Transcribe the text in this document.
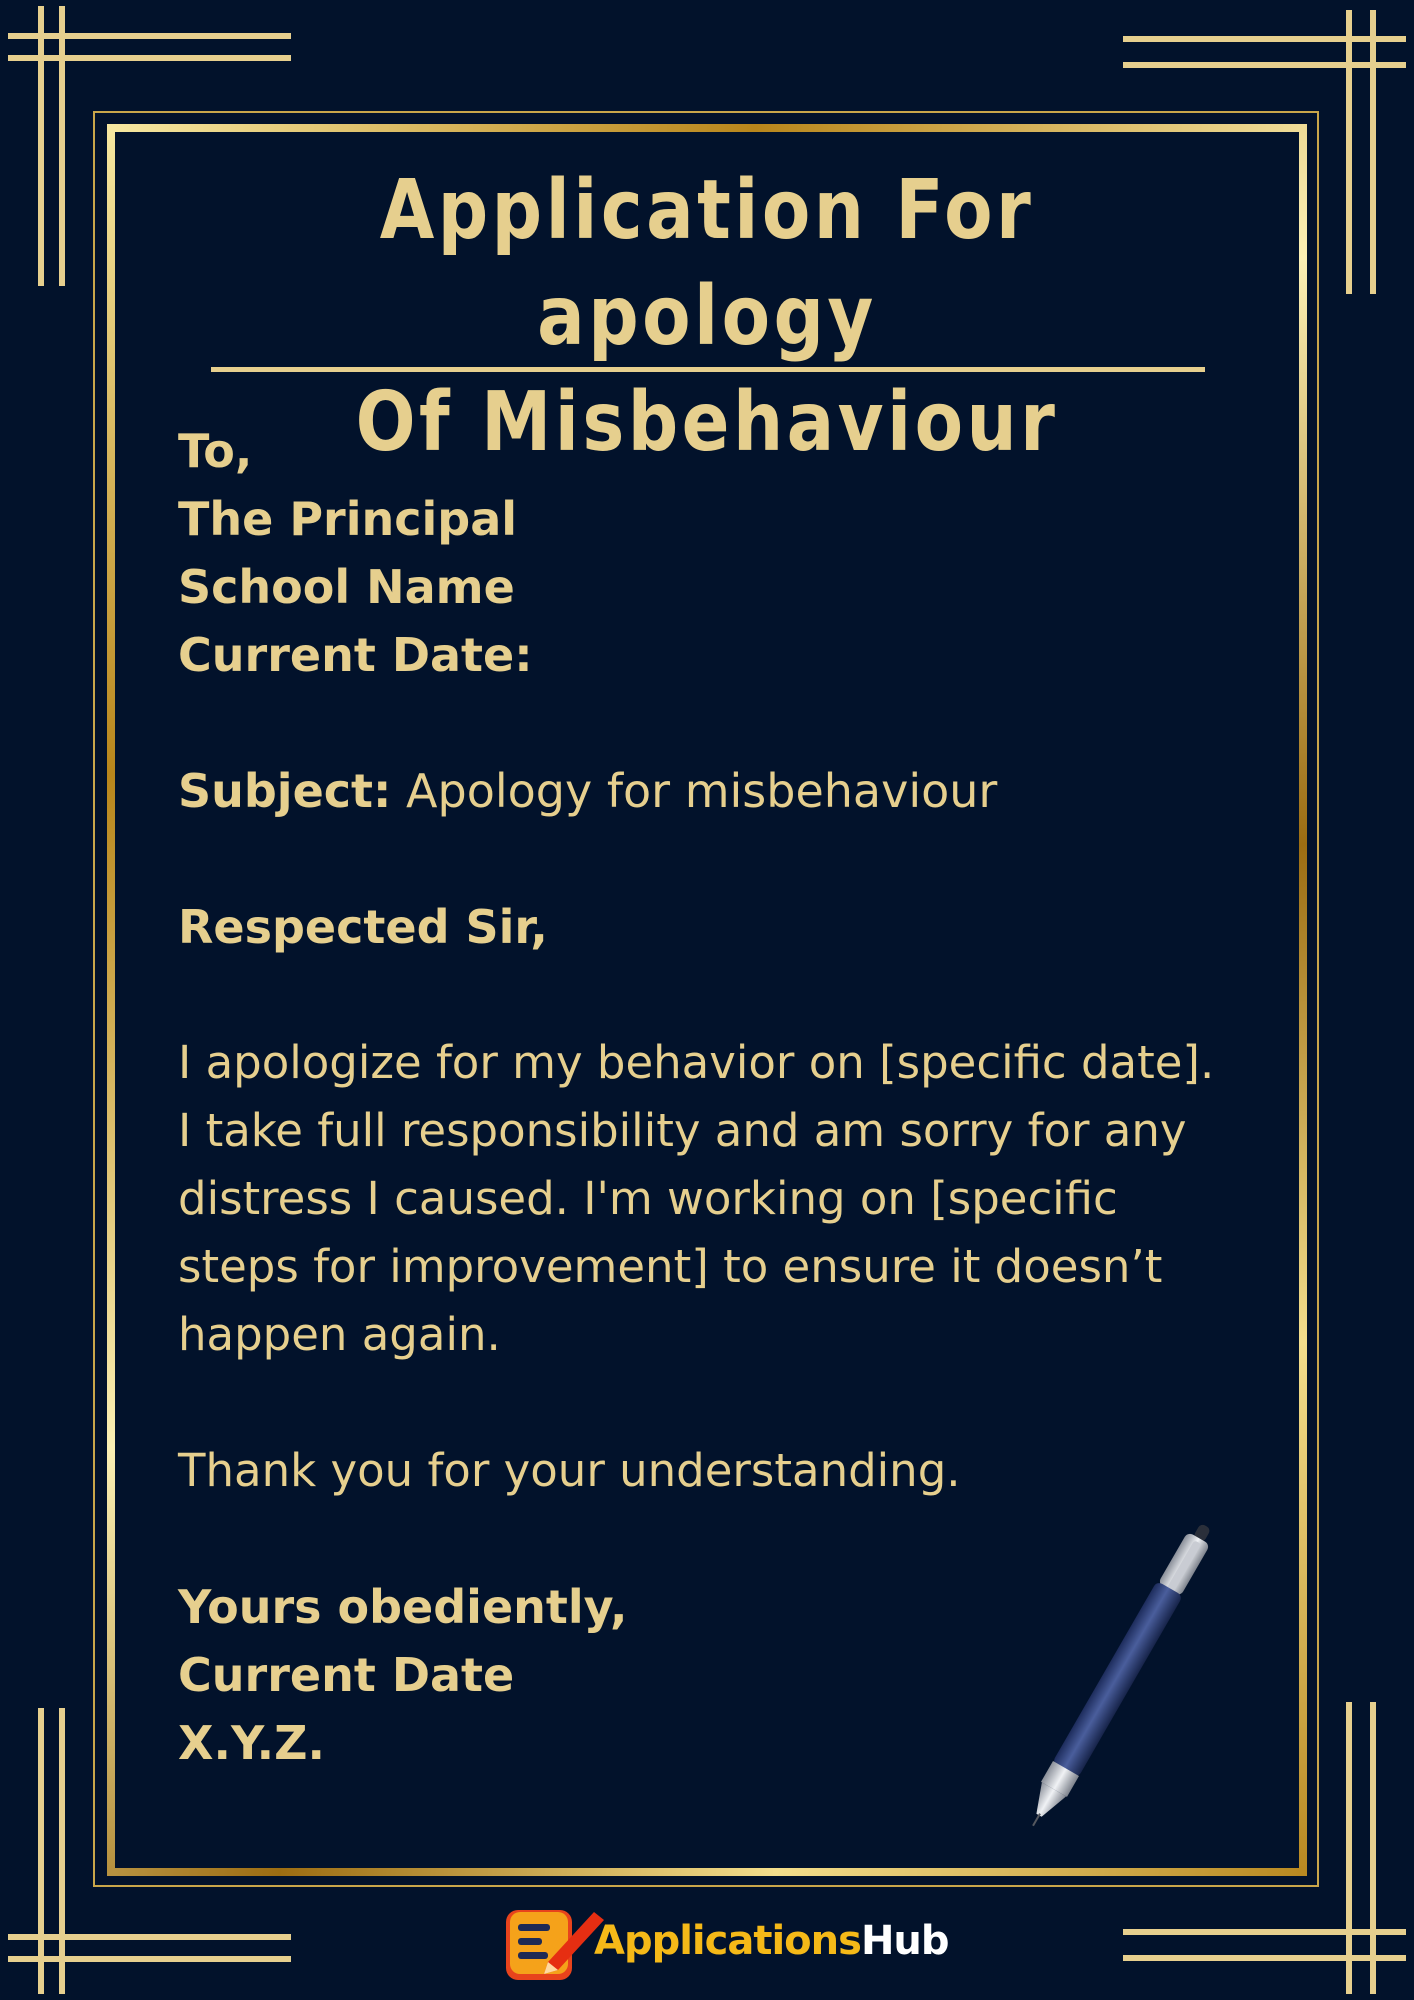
Application For apology
Of Misbehaviour
To,
The Principal
School Name
Current Date:
Subject: Apology for misbehaviour
Respected Sir,
I apologize for my behavior on [specific date].
I take full responsibility and am sorry for any
distress I caused. I'm working on [specific
steps for improvement] to ensure it doesn’t
happen again.
Thank you for your understanding.
Yours obediently,
Current Date
X.Y.Z.
ApplicationsHub
